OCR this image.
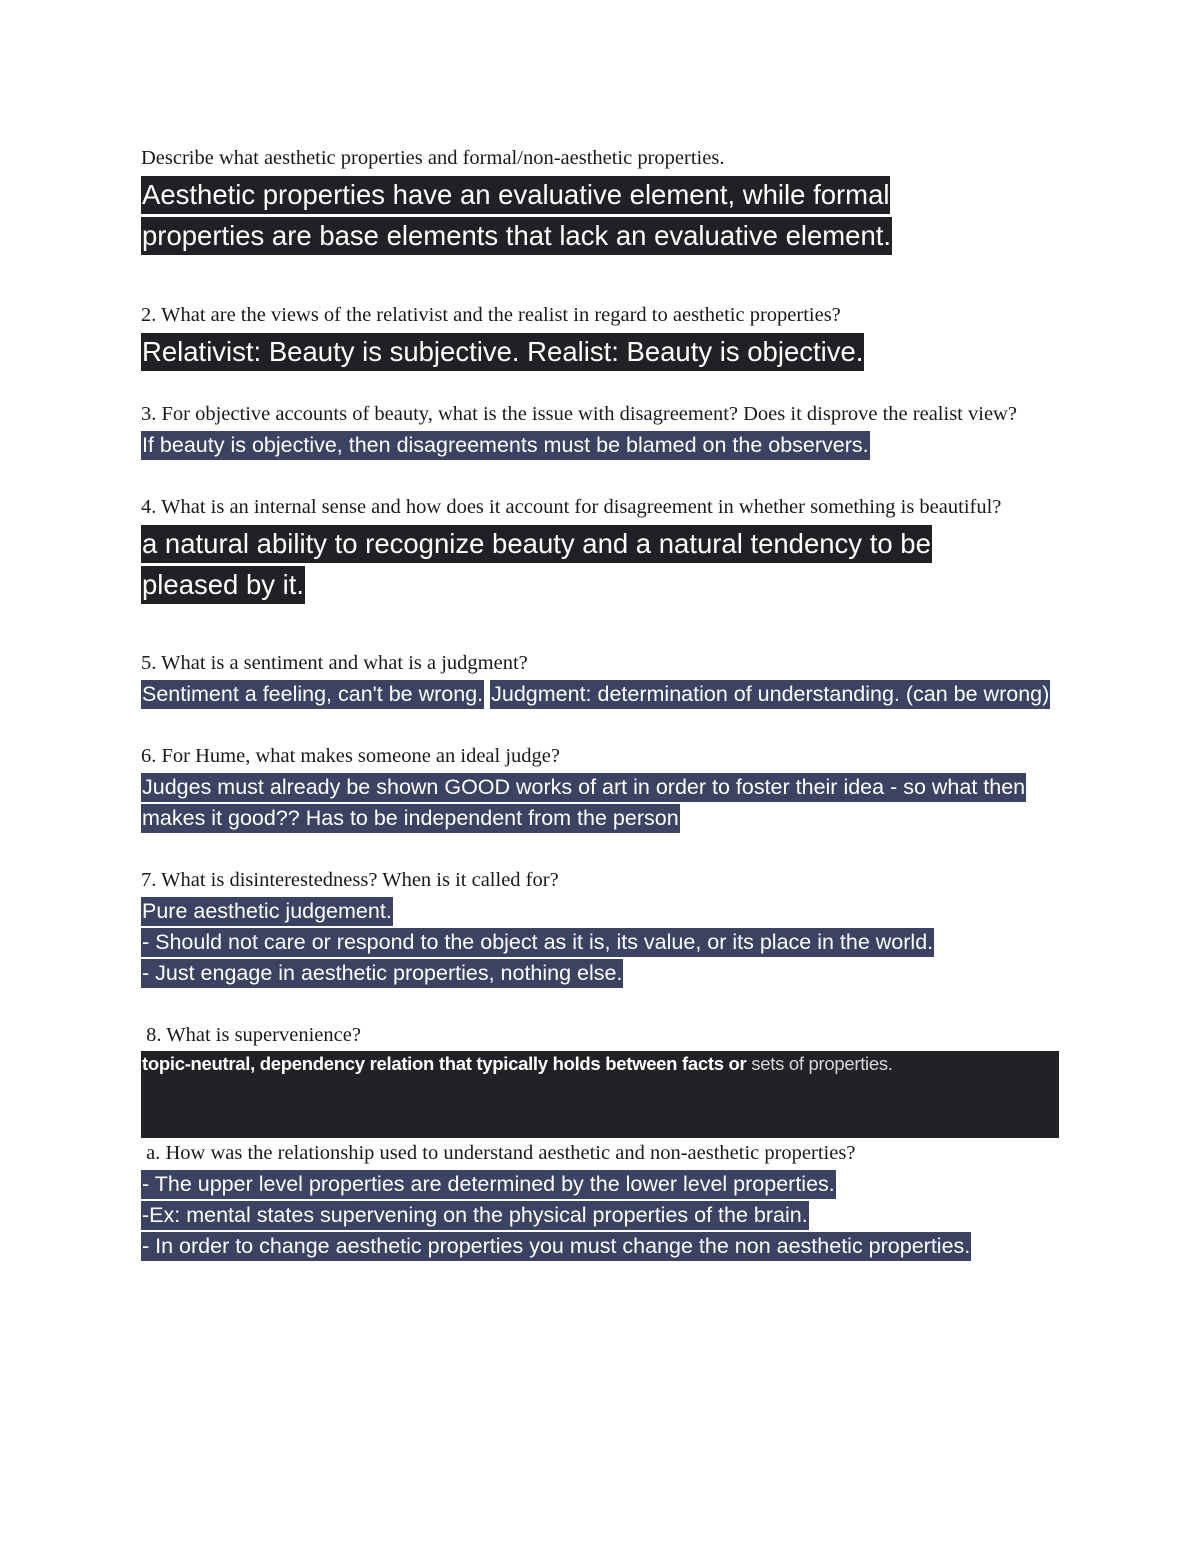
Describe what aesthetic properties and formal/non-aesthetic properties.

Aesthetic properties have an evaluative element, while formal
properties are base elements that lack an evaluative element.

2. What are the views of the relativist and the realist in regard to aesthetic properties?

Relativist: Beauty is subjective. Realist: Beauty is objective.

3. For objective accounts of beauty, what is the issue with disagreement? Does it disprove the realist view?

If beauty is objective, then disagreements must be blamed on the observers.

4. What is an internal sense and how does it account for disagreement in whether something is beautiful?

a natural ability to recognize beauty and a natural tendency to be
pleased by it.

5. What is a sentiment and what is a judgment?

Sentiment a feeling, can't be wrong. Judgment: determination of understanding. (can be wrong)

6. For Hume, what makes someone an ideal judge?

Judges must already be shown GOOD works of art in order to foster their idea - so what then makes it good?? Has to be independent from the person

7. What is disinterestedness? When is it called for?

Pure aesthetic judgement.
- Should not care or respond to the object as it is, its value, or its place in the world.
- Just engage in aesthetic properties, nothing else.

8. What is supervenience?

topic-neutral, dependency relation that typically holds between facts or sets of properties.

a. How was the relationship used to understand aesthetic and non-aesthetic properties?

- The upper level properties are determined by the lower level properties.
-Ex: mental states supervening on the physical properties of the brain.
- In order to change aesthetic properties you must change the non aesthetic properties.
